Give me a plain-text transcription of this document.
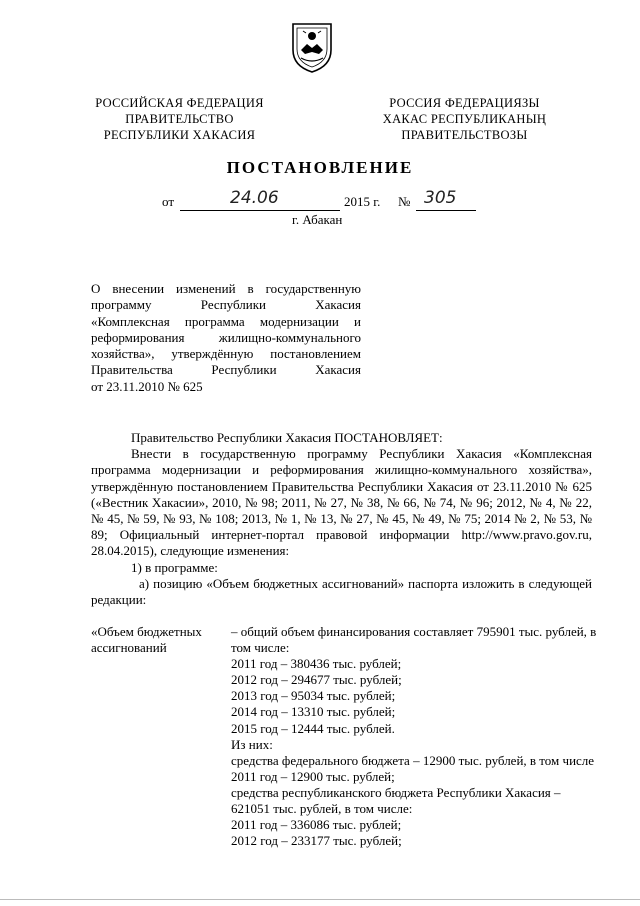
РОССИЙСКАЯ ФЕДЕРАЦИЯ
ПРАВИТЕЛЬСТВО
РЕСПУБЛИКИ ХАКАСИЯ
РОССИЯ ФЕДЕРАЦИЯЗЫ
ХАКАС РЕСПУБЛИКАНЫҢ
ПРАВИТЕЛЬСТВОЗЫ
ПОСТАНОВЛЕНИЕ
от	24.06	2015 г. № 305
г. Абакан
О внесении изменений в государственную
программу Республики Хакасия
«Комплексная программа модернизации и
реформирования жилищно-коммунального
хозяйства», утверждённую постановлением
Правительства Республики Хакасия
от 23.11.2010 № 625

Правительство Республики Хакасия ПОСТАНОВЛЯЕТ:

Внести в государственную программу Республики Хакасия «Комплексная программа модернизации и реформирования жилищно-коммунального хозяйства», утверждённую постановлением Правительства Республики Хакасия от 23.11.2010 № 625 («Вестник Хакасии», 2010, № 98; 2011, № 27, № 38, № 66, № 74, № 96; 2012, № 4, № 22, № 45, № 59, № 93, № 108; 2013, № 1, № 13, № 27, № 45, № 49, № 75; 2014 № 2, № 53, № 89; Официальный интернет-портал правовой информации http://www.pravo.gov.ru, 28.04.2015), следующие изменения:

1) в программе:

а) позицию «Объем бюджетных ассигнований» паспорта изложить в следующей редакции:

«Объем бюджетных ассигнований
– общий объем финансирования составляет 795901 тыс. рублей, в том числе:
2011 год – 380436 тыс. рублей;
2012 год – 294677 тыс. рублей;
2013 год – 95034 тыс. рублей;
2014 год – 13310 тыс. рублей;
2015 год – 12444 тыс. рублей.
Из них:
средства федерального бюджета – 12900 тыс. рублей, в том числе 2011 год – 12900 тыс. рублей;
средства республиканского бюджета Республики Хакасия – 621051 тыс. рублей, в том числе:
2011 год – 336086 тыс. рублей;
2012 год – 233177 тыс. рублей;
